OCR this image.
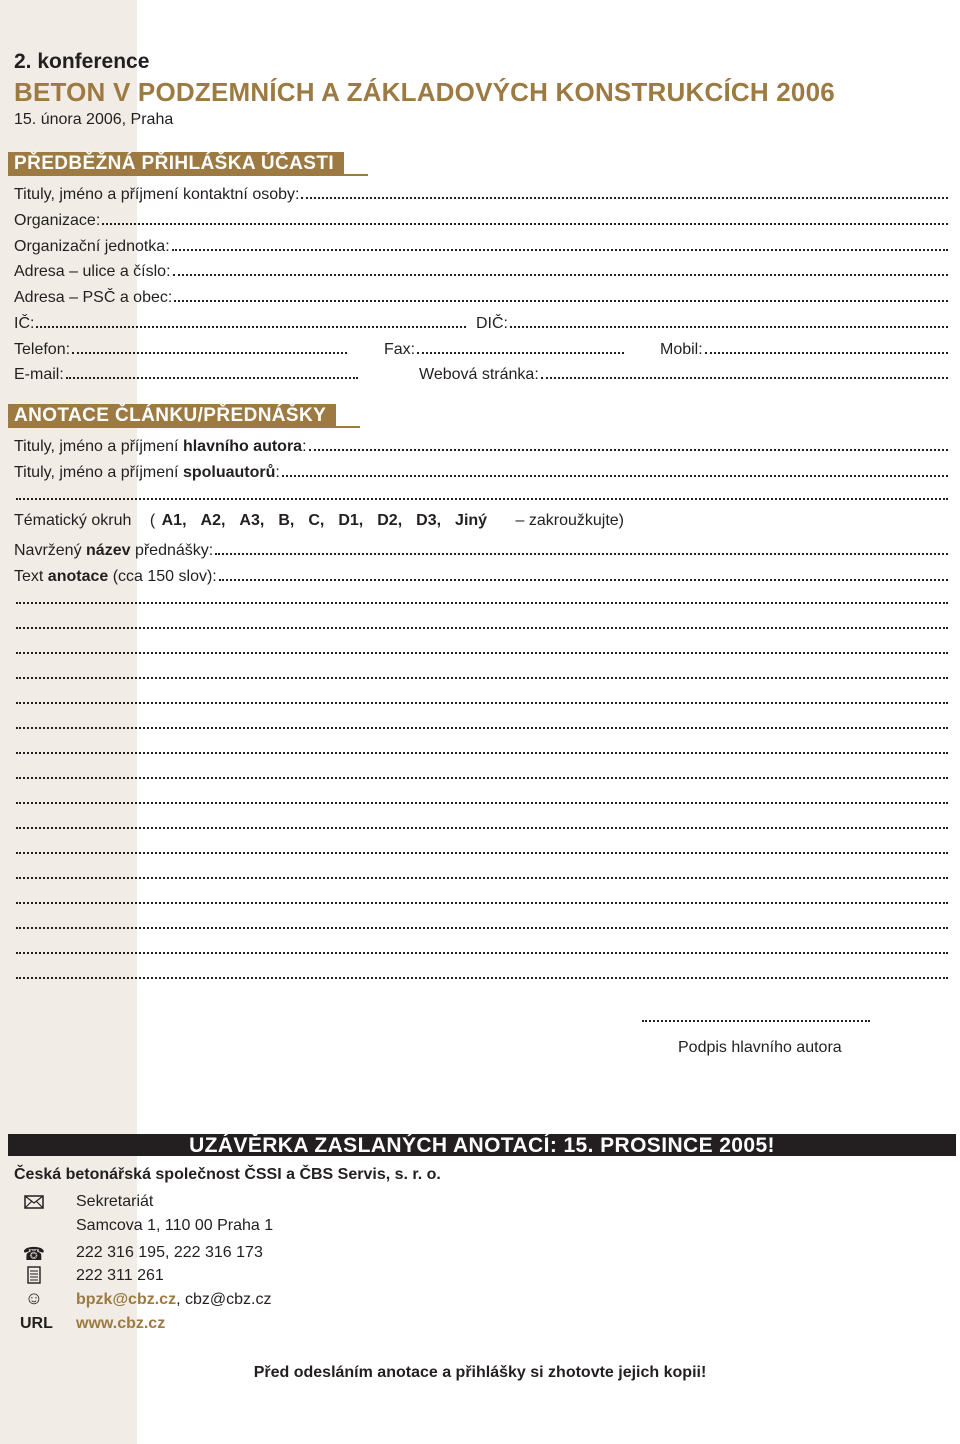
2. konference
BETON V PODZEMNÍCH A ZÁKLADOVÝCH KONSTRUKCÍCH 2006
15. února 2006, Praha
PŘEDBĚŽNÁ PŘIHLÁŠKA ÚČASTI
Tituly, jméno a příjmení kontaktní osoby:
Organizace:
Organizační jednotka:
Adresa – ulice a číslo:
Adresa – PSČ a obec:
IČ:	DIČ:
Telefon:	Fax:	Mobil:
E-mail:	Webová stránka:
ANOTACE ČLÁNKU/PŘEDNÁŠKY
Tituly, jméno a příjmení hlavního autora:
Tituly, jméno a příjmení spoluautorů:
Tématický okruh ( A1, A2, A3, B, C, D1, D2, D3, Jiný – zakroužkujte)
Navržený název přednášky:
Text anotace (cca 150 slov):
Podpis hlavního autora
UZÁVĚRKA ZASLANÝCH ANOTACÍ: 15. PROSINCE 2005!
Česká betonářská společnost ČSSI a ČBS Servis, s. r. o.
Sekretariát
Samcova 1, 110 00 Praha 1
☎ 222 316 195, 222 316 173
222 311 261
☺ bpzk@cbz.cz, cbz@cbz.cz
URL www.cbz.cz
Před odesláním anotace a přihlášky si zhotovte jejich kopii!
